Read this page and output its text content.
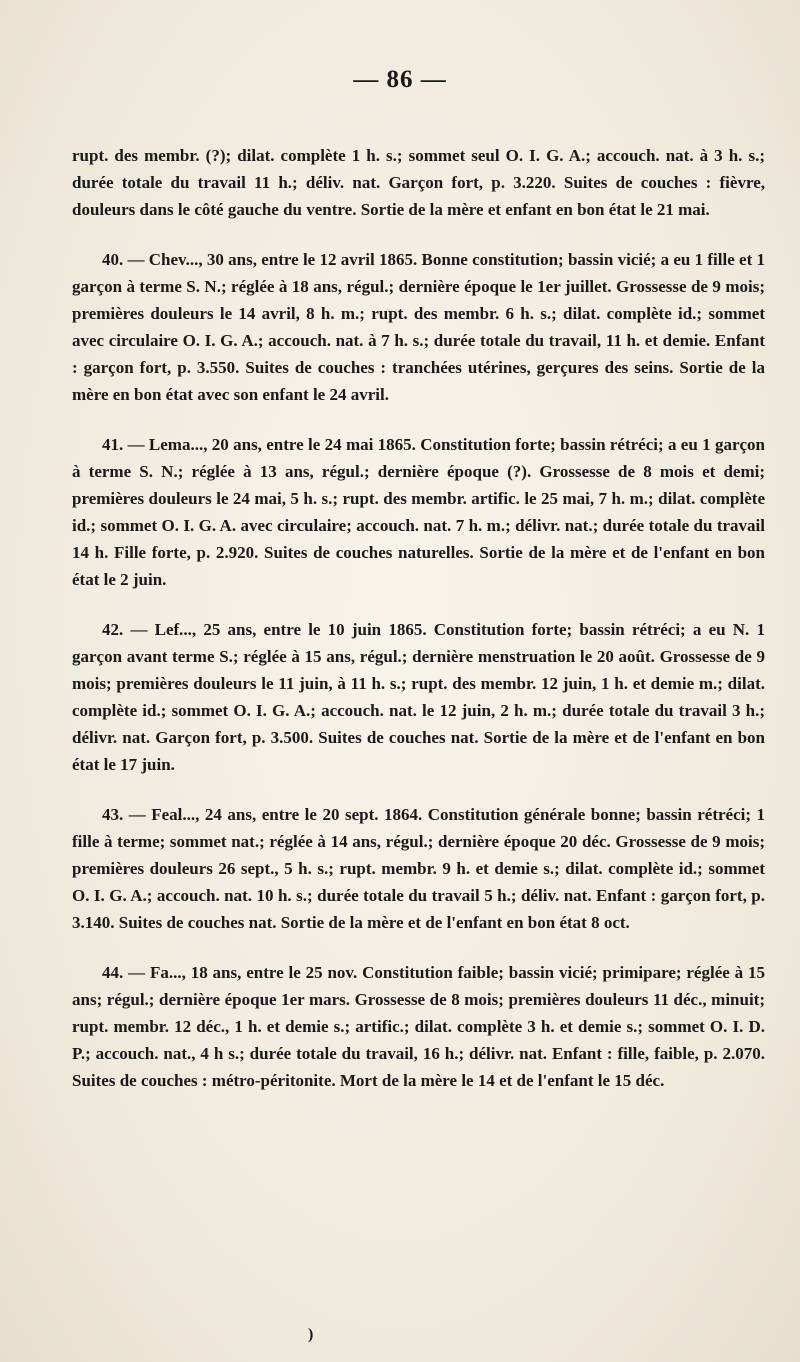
— 86 —

rupt. des membr. (?); dilat. complète 1 h. s.; sommet seul O. I. G. A.; accouch. nat. à 3 h. s.; durée totale du travail 11 h.; déliv. nat. Garçon fort, p. 3.220. Suites de couches : fièvre, douleurs dans le côté gauche du ventre. Sortie de la mère et enfant en bon état le 21 mai.

40. — Chev..., 30 ans, entre le 12 avril 1865. Bonne constitution; bassin vicié; a eu 1 fille et 1 garçon à terme S. N.; réglée à 18 ans, régul.; dernière époque le 1er juillet. Grossesse de 9 mois; premières douleurs le 14 avril, 8 h. m.; rupt. des membr. 6 h. s.; dilat. complète id.; sommet avec circulaire O. I. G. A.; accouch. nat. à 7 h. s.; durée totale du travail, 11 h. et demie. Enfant : garçon fort, p. 3.550. Suites de couches : tranchées utérines, gerçures des seins. Sortie de la mère en bon état avec son enfant le 24 avril.

41. — Lema..., 20 ans, entre le 24 mai 1865. Constitution forte; bassin rétréci; a eu 1 garçon à terme S. N.; réglée à 13 ans, régul.; dernière époque (?). Grossesse de 8 mois et demi; premières douleurs le 24 mai, 5 h. s.; rupt. des membr. artific. le 25 mai, 7 h. m.; dilat. complète id.; sommet O. I. G. A. avec circulaire; accouch. nat. 7 h. m.; délivr. nat.; durée totale du travail 14 h. Fille forte, p. 2.920. Suites de couches naturelles. Sortie de la mère et de l'enfant en bon état le 2 juin.

42. — Lef..., 25 ans, entre le 10 juin 1865. Constitution forte; bassin rétréci; a eu N. 1 garçon avant terme S.; réglée à 15 ans, régul.; dernière menstruation le 20 août. Grossesse de 9 mois; premières douleurs le 11 juin, à 11 h. s.; rupt. des membr. 12 juin, 1 h. et demie m.; dilat. complète id.; sommet O. I. G. A.; accouch. nat. le 12 juin, 2 h. m.; durée totale du travail 3 h.; délivr. nat. Garçon fort, p. 3.500. Suites de couches nat. Sortie de la mère et de l'enfant en bon état le 17 juin.

43. — Feal..., 24 ans, entre le 20 sept. 1864. Constitution générale bonne; bassin rétréci; 1 fille à terme; sommet nat.; réglée à 14 ans, régul.; dernière époque 20 déc. Grossesse de 9 mois; premières douleurs 26 sept., 5 h. s.; rupt. membr. 9 h. et demie s.; dilat. complète id.; sommet O. I. G. A.; accouch. nat. 10 h. s.; durée totale du travail 5 h.; déliv. nat. Enfant : garçon fort, p. 3.140. Suites de couches nat. Sortie de la mère et de l'enfant en bon état 8 oct.

44. — Fa..., 18 ans, entre le 25 nov. Constitution faible; bassin vicié; primipare; réglée à 15 ans; régul.; dernière époque 1er mars. Grossesse de 8 mois; premières douleurs 11 déc., minuit; rupt. membr. 12 déc., 1 h. et demie s.; artific.; dilat. complète 3 h. et demie s.; sommet O. I. D. P.; accouch. nat., 4 h s.; durée totale du travail, 16 h.; délivr. nat. Enfant : fille, faible, p. 2.070. Suites de couches : métro-péritonite. Mort de la mère le 14 et de l'enfant le 15 déc.

)
